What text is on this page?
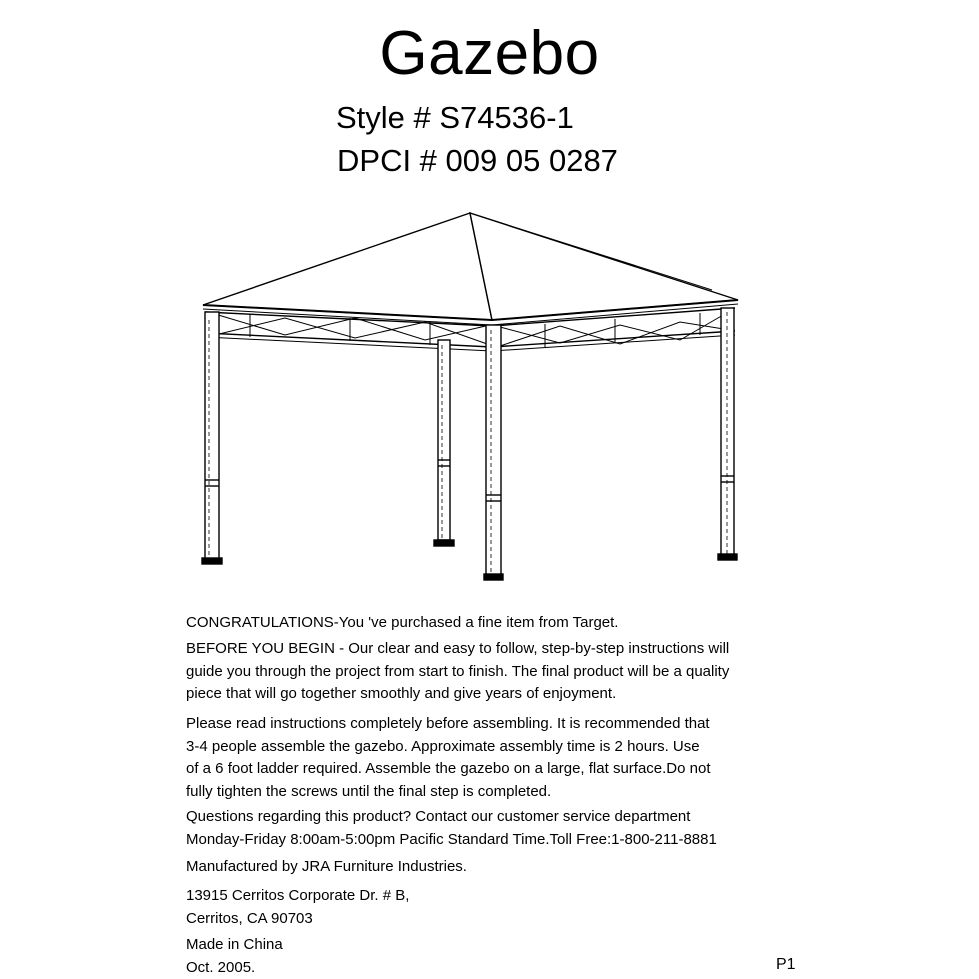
Gazebo
Style # S74536-1
DPCI # 009 05 0287
CONGRATULATIONS-You 've purchased a fine item from Target.
BEFORE YOU BEGIN - Our clear and easy to follow, step-by-step instructions will
guide you through the project from start to finish. The final product will be a quality
piece that will go together smoothly and give years of enjoyment.
Please read instructions completely before assembling. It is recommended that
3-4 people assemble the gazebo. Approximate assembly time is 2 hours. Use
of a 6 foot ladder required. Assemble the gazebo on a large, flat surface.Do not
fully tighten the screws until the final step is completed.
Questions regarding this product? Contact our customer service department
Monday-Friday 8:00am-5:00pm Pacific Standard Time.Toll Free:1-800-211-8881
Manufactured by JRA Furniture Industries.
13915 Cerritos Corporate Dr. # B,
Cerritos, CA 90703
Made in China
Oct. 2005.	P1
